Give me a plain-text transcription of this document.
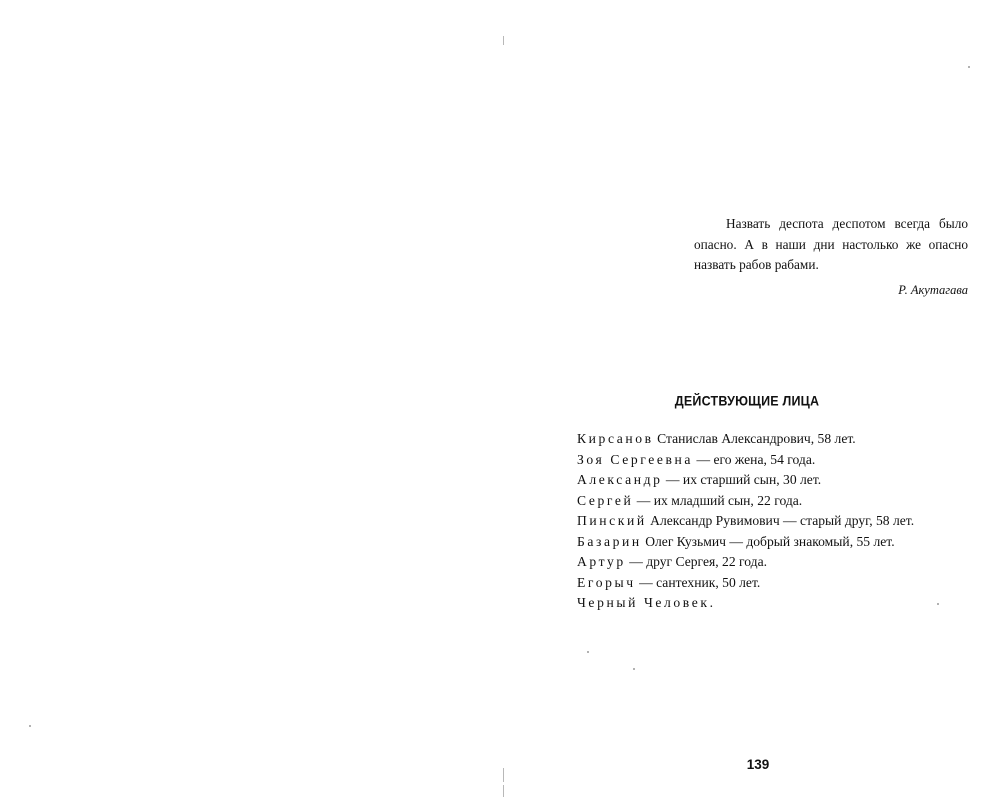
Назвать деспота деспотом всегда было опасно. А в наши дни настолько же опасно назвать рабов рабами.

Р. Акутагава

ДЕЙСТВУЮЩИЕ ЛИЦА
Кирсанов Станислав Александрович, 58 лет.
Зоя Сергеевна — его жена, 54 года.
Александр — их старший сын, 30 лет.
Сергей — их младший сын, 22 года.
Пинский Александр Рувимович — старый друг, 58 лет.
Базарин Олег Кузьмич — добрый знакомый, 55 лет.
Артур — друг Сергея, 22 года.
Егорыч — сантехник, 50 лет.
Черный Человек.
139
